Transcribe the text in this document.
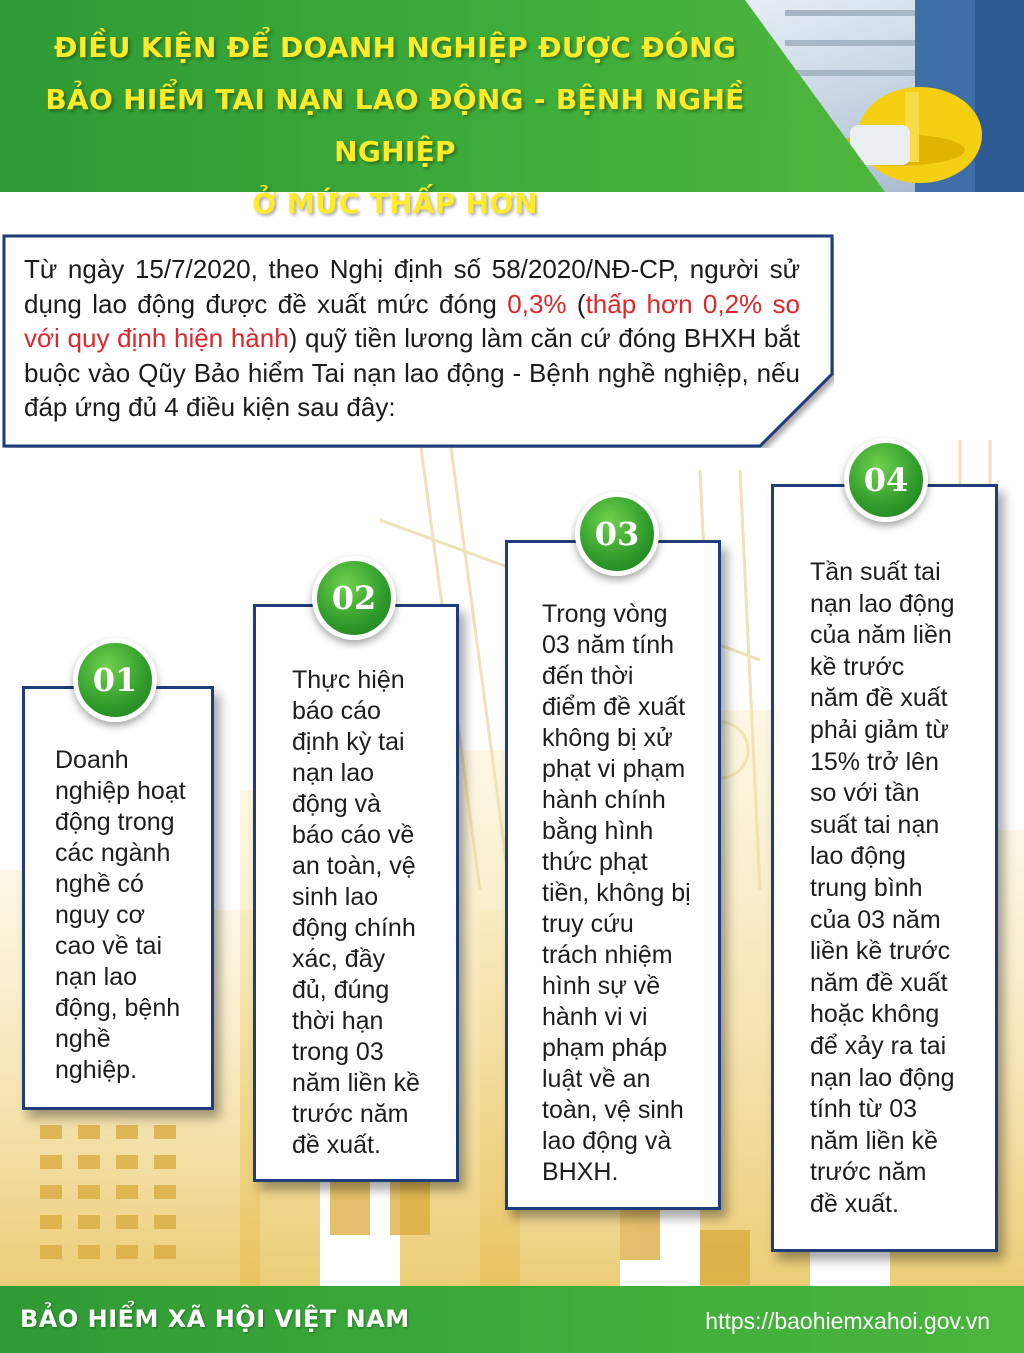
ĐIỀU KIỆN ĐỂ DOANH NGHIỆP ĐƯỢC ĐÓNG
BẢO HIỂM TAI NẠN LAO ĐỘNG - BỆNH NGHỀ NGHIỆP
Ở MỨC THẤP HƠN

Từ ngày 15/7/2020, theo Nghị định số 58/2020/NĐ-CP, người sử dụng lao động được đề xuất mức đóng 0,3% (thấp hơn 0,2% so với quy định hiện hành) quỹ tiền lương làm căn cứ đóng BHXH bắt buộc vào Qũy Bảo hiểm Tai nạn lao động - Bệnh nghề nghiệp, nếu đáp ứng đủ 4 điều kiện sau đây:

Doanh
nghiệp hoạt
động trong
các ngành
nghề có
nguy cơ
cao về tai
nạn lao
động, bệnh
nghề
nghiệp.
01	Thực hiện
báo cáo
định kỳ tai
nạn lao
động và
báo cáo về
an toàn, vệ
sinh lao
động chính
xác, đầy
đủ, đúng
thời hạn
trong 03
năm liền kề
trước năm
đề xuất.
02	Trong vòng
03 năm tính
đến thời
điểm đề xuất
không bị xử
phạt vi phạm
hành chính
bằng hình
thức phạt
tiền, không bị
truy cứu
trách nhiệm
hình sự về
hành vi vi
phạm pháp
luật về an
toàn, vệ sinh
lao động và
BHXH.
03
Tần suất tai
nạn lao động
của năm liền
kề trước
năm đề xuất
phải giảm từ
15% trở lên
so với tần
suất tai nạn
lao động
trung bình
của 03 năm
liền kề trước
năm đề xuất
hoặc không
để xảy ra tai
nạn lao động
tính từ 03
năm liền kề
trước năm
đề xuất.
04
BẢO HIỂM XÃ HỘI VIỆT NAM	https://baohiemxahoi.gov.vn
